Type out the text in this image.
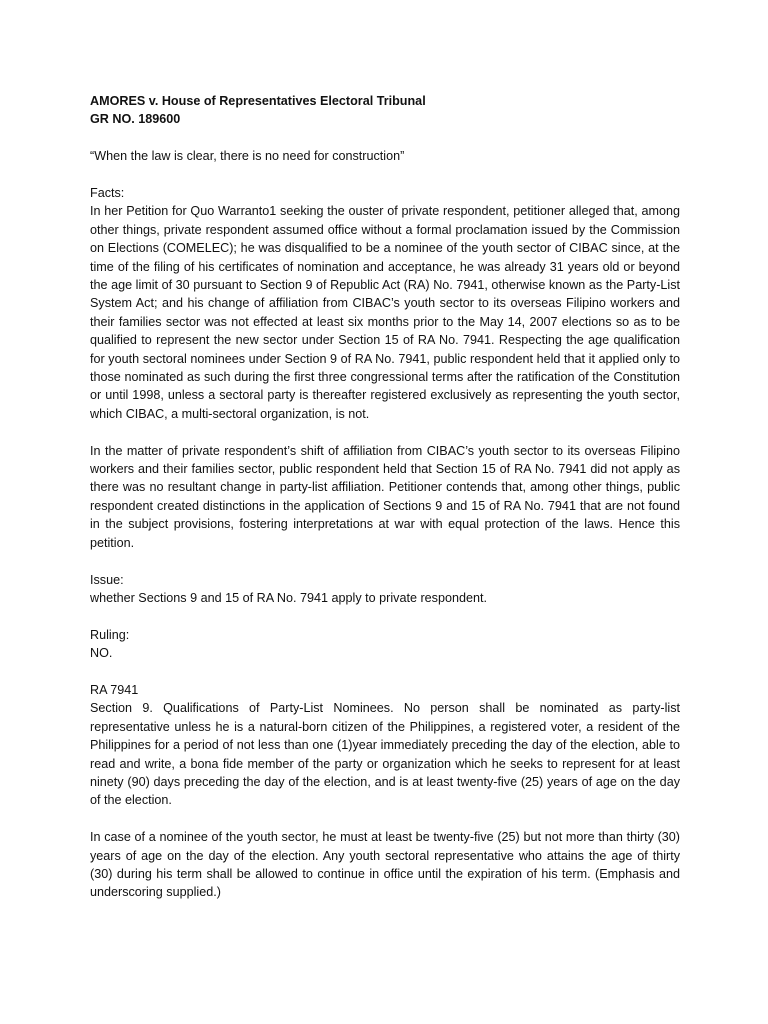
AMORES v. House of Representatives Electoral Tribunal
GR NO. 189600
“When the law is clear, there is no need for construction”
Facts:

In her Petition for Quo Warranto1 seeking the ouster of private respondent, petitioner alleged that, among other things, private respondent assumed office without a formal proclamation issued by the Commission on Elections (COMELEC); he was disqualified to be a nominee of the youth sector of CIBAC since, at the time of the filing of his certificates of nomination and acceptance, he was already 31 years old or beyond the age limit of 30 pursuant to Section 9 of Republic Act (RA) No. 7941, otherwise known as the Party-List System Act; and his change of affiliation from CIBAC’s youth sector to its overseas Filipino workers and their families sector was not effected at least six months prior to the May 14, 2007 elections so as to be qualified to represent the new sector under Section 15 of RA No. 7941. Respecting the age qualification for youth sectoral nominees under Section 9 of RA No. 7941, public respondent held that it applied only to those nominated as such during the first three congressional terms after the ratification of the Constitution or until 1998, unless a sectoral party is thereafter registered exclusively as representing the youth sector, which CIBAC, a multi-sectoral organization, is not.

In the matter of private respondent’s shift of affiliation from CIBAC’s youth sector to its overseas Filipino workers and their families sector, public respondent held that Section 15 of RA No. 7941 did not apply as there was no resultant change in party-list affiliation. Petitioner contends that, among other things, public respondent created distinctions in the application of Sections 9 and 15 of RA No. 7941 that are not found in the subject provisions, fostering interpretations at war with equal protection of the laws. Hence this petition.

Issue:

whether Sections 9 and 15 of RA No. 7941 apply to private respondent.

Ruling:

NO.

RA 7941

Section 9. Qualifications of Party-List Nominees. No person shall be nominated as party-list representative unless he is a natural-born citizen of the Philippines, a registered voter, a resident of the Philippines for a period of not less than one (1)year immediately preceding the day of the election, able to read and write, a bona fide member of the party or organization which he seeks to represent for at least ninety (90) days preceding the day of the election, and is at least twenty-five (25) years of age on the day of the election.

In case of a nominee of the youth sector, he must at least be twenty-five (25) but not more than thirty (30) years of age on the day of the election. Any youth sectoral representative who attains the age of thirty (30) during his term shall be allowed to continue in office until the expiration of his term. (Emphasis and underscoring supplied.)
